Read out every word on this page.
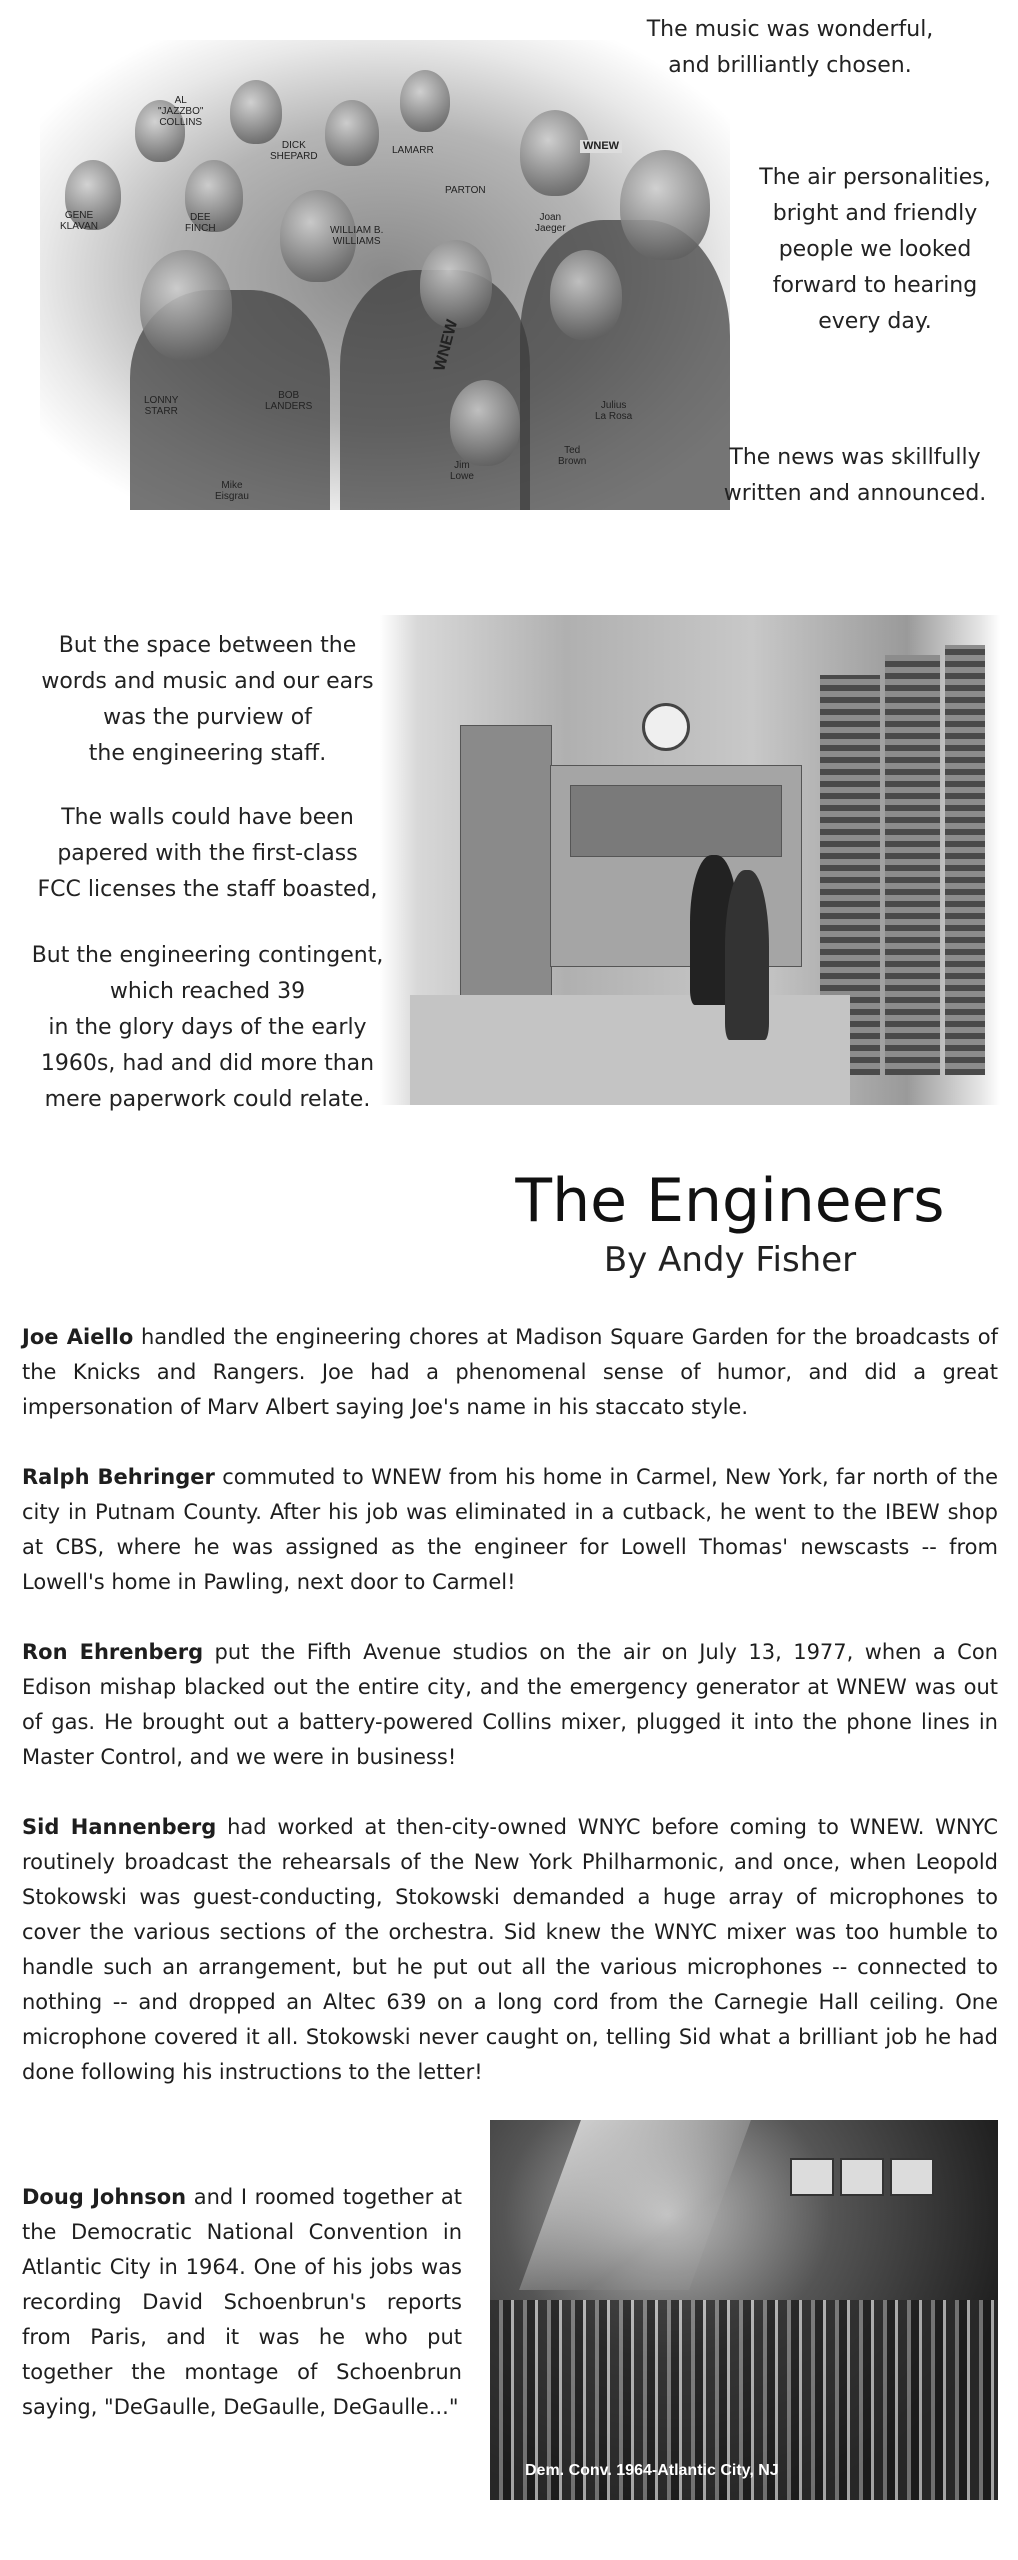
AL
"JAZZBO"
COLLINS
DICK
SHEPARD
LAMARR
PARTON
GENE
KLAVAN
DEE
FINCH	WILLIAM B.
WILLIAMS
Joan
Jaeger
LONNY
STARR
BOB
LANDERS	Julius
La Rosa
Ted
Brown
Jim
Lowe
Mike
Eisgrau
WNEW
WNEW
The music was wonderful,
and brilliantly chosen.
The air personalities,
bright and friendly
people we looked
forward to hearing
every day.
The news was skillfully
written and announced.
But the space between the
words and music and our ears
was the purview of
the engineering staff.
The walls could have been
papered with the first-class
FCC licenses the staff boasted,
But the engineering contingent,
which reached 39
in the glory days of the early
1960s, had and did more than
mere paperwork could relate.
The Engineers
By Andy Fisher
Joe Aiello handled the engineering chores at Madison Square Garden for the broadcasts of the Knicks and Rangers. Joe had a phenomenal sense of humor, and did a great impersonation of Marv Albert saying Joe's name in his staccato style.
Ralph Behringer commuted to WNEW from his home in Carmel, New York, far north of the city in Putnam County. After his job was eliminated in a cutback, he went to the IBEW shop at CBS, where he was assigned as the engineer for Lowell Thomas' newscasts -- from Lowell's home in Pawling, next door to Carmel!
Ron Ehrenberg put the Fifth Avenue studios on the air on July 13, 1977, when a Con Edison mishap blacked out the entire city, and the emergency generator at WNEW was out of gas. He brought out a battery-powered Collins mixer, plugged it into the phone lines in Master Control, and we were in business!
Sid Hannenberg had worked at then-city-owned WNYC before coming to WNEW. WNYC routinely broadcast the rehearsals of the New York Philharmonic, and once, when Leopold Stokowski was guest-conducting, Stokowski demanded a huge array of microphones to cover the various sections of the orchestra. Sid knew the WNYC mixer was too humble to handle such an arrangement, but he put out all the various microphones -- connected to nothing -- and dropped an Altec 639 on a long cord from the Carnegie Hall ceiling. One microphone covered it all. Stokowski never caught on, telling Sid what a brilliant job he had done following his instructions to the letter!
Doug Johnson and I roomed together at the Democratic National Convention in Atlantic City in 1964. One of his jobs was recording David Schoenbrun's reports from Paris, and it was he who put together the montage of Schoenbrun saying, "DeGaulle, DeGaulle, DeGaulle..."
Dem. Conv. 1964-Atlantic City, NJ
